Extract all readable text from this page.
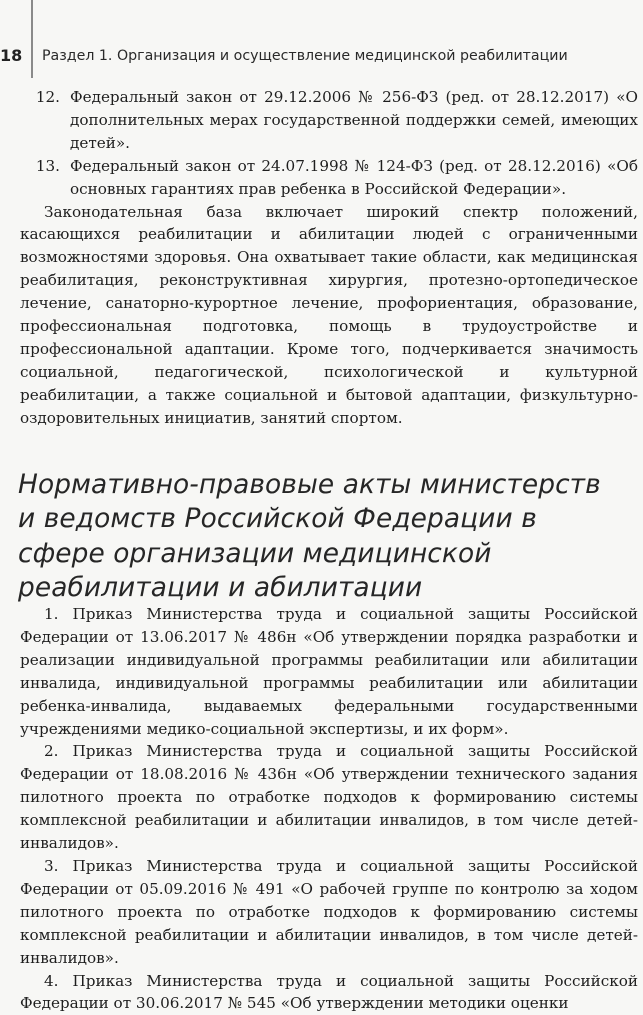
18	Раздел 1. Организация и осуществление медицинской реабилитации
12. Федеральный закон от 29.12.2006 № 256-ФЗ (ред. от 28.12.2017) «О дополнительных мерах государственной поддержки семей, имеющих детей».
13. Федеральный закон от 24.07.1998 № 124-ФЗ (ред. от 28.12.2016) «Об основных гарантиях прав ребенка в Российской Федерации».

Законодательная база включает широкий спектр положений, касающихся реабилитации и абилитации людей с ограниченными возможностями здоровья. Она охватывает такие области, как медицинская реабилитация, реконструктивная хирургия, протезно-ортопедическое лечение, санаторно-курортное лечение, профориентация, образование, профессиональная подготовка, помощь в трудоустройстве и профессиональной адаптации. Кроме того, подчеркивается значимость социальной, педагогической, психологической и культурной реабилитации, а также социальной и бытовой адаптации, физкультурно-оздоровительных инициатив, занятий спортом.

Нормативно-правовые акты министерств и ведомств Российской Федерации в сфере организации медицинской реабилитации и абилитации

1. Приказ Министерства труда и социальной защиты Российской Федерации от 13.06.2017 № 486н «Об утверждении порядка разработки и реализации индивидуальной программы реабилитации или абилитации инвалида, индивидуальной программы реабилитации или абилитации ребенка-инвалида, выдаваемых федеральными государственными учреждениями медико-социальной экспертизы, и их форм».

2. Приказ Министерства труда и социальной защиты Российской Федерации от 18.08.2016 № 436н «Об утверждении технического задания пилотного проекта по отработке подходов к формированию системы комплексной реабилитации и абилитации инвалидов, в том числе детей-инвалидов».

3. Приказ Министерства труда и социальной защиты Российской Федерации от 05.09.2016 № 491 «О рабочей группе по контролю за ходом пилотного проекта по отработке подходов к формированию системы комплексной реабилитации и абилитации инвалидов, в том числе детей-инвалидов».

4. Приказ Министерства труда и социальной защиты Российской Федерации от 30.06.2017 № 545 «Об утверждении методики оценки
